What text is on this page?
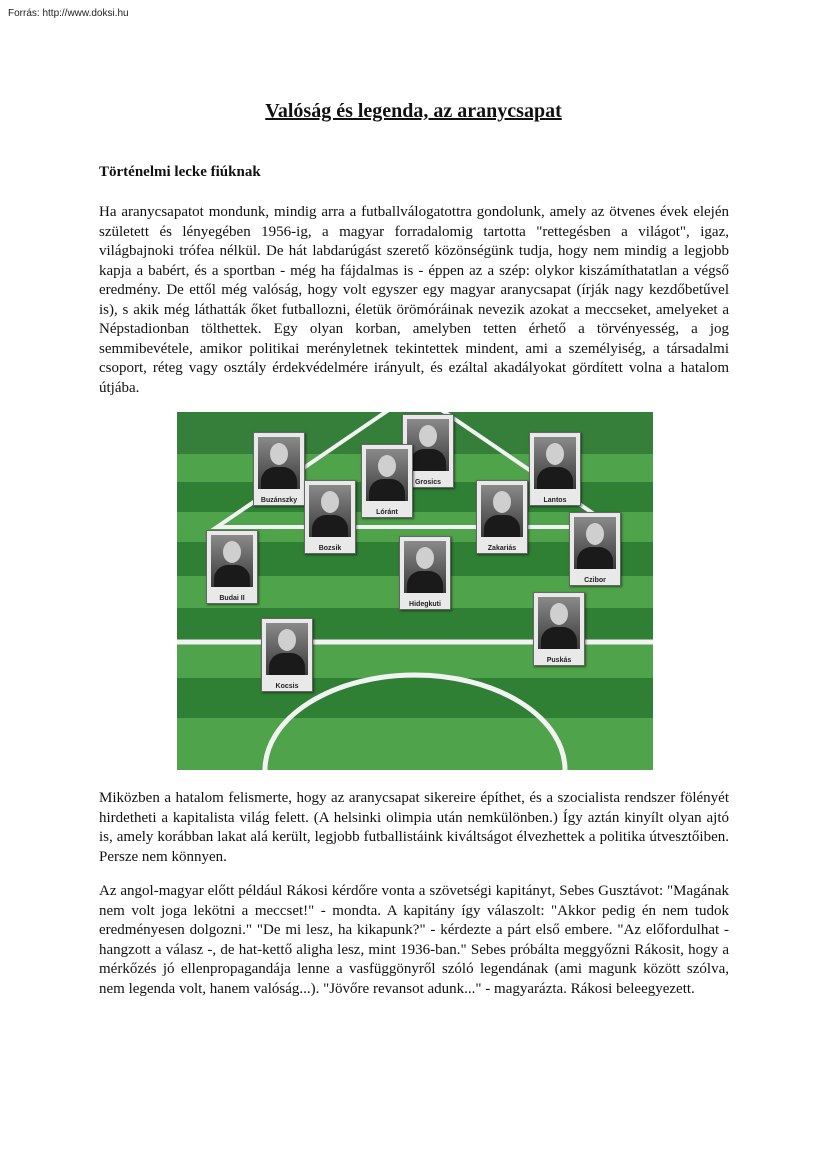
Forrás: http://www.doksi.hu
Valóság és legenda, az aranycsapat
Történelmi lecke fiúknak

Ha aranycsapatot mondunk, mindig arra a futballválogatottra gondolunk, amely az ötvenes évek elején született és lényegében 1956-ig, a magyar forradalomig tartotta "rettegésben a világot", igaz, világbajnoki trófea nélkül. De hát labdarúgást szerető közönségünk tudja, hogy nem mindig a legjobb kapja a babért, és a sportban - még ha fájdalmas is - éppen az a szép: olykor kiszámíthatatlan a végső eredmény. De ettől még valóság, hogy volt egyszer egy magyar aranycsapat (írják nagy kezdőbetűvel is), s akik még láthatták őket futballozni, életük örömóráinak nevezik azokat a meccseket, amelyeket a Népstadionban tölthettek. Egy olyan korban, amelyben tetten érhető a törvényesség, a jog semmibevétele, amikor politikai merényletnek tekintettek mindent, ami a személyiség, a társadalmi csoport, réteg vagy osztály érdekvédelmére irányult, és ezáltal akadályokat gördített volna a hatalom útjába.

Grosics
Buzánszky
Lóránt
Lantos
Bozsik	Zakariás
Budai II
Kocsis
Hidegkuti
Czibor
Puskás

Miközben a hatalom felismerte, hogy az aranycsapat sikereire építhet, és a szocialista rendszer fölényét hirdetheti a kapitalista világ felett. (A helsinki olimpia után nemkülönben.) Így aztán kinyílt olyan ajtó is, amely korábban lakat alá került, legjobb futballistáink kiváltságot élvezhettek a politika útvesztőiben. Persze nem könnyen.

Az angol-magyar előtt például Rákosi kérdőre vonta a szövetségi kapitányt, Sebes Gusztávot: "Magának nem volt joga lekötni a meccset!" - mondta. A kapitány így válaszolt: "Akkor pedig én nem tudok eredményesen dolgozni." "De mi lesz, ha kikapunk?" - kérdezte a párt első embere. "Az előfordulhat - hangzott a válasz -, de hat-kettő aligha lesz, mint 1936-ban." Sebes próbálta meggyőzni Rákosit, hogy a mérkőzés jó ellenpropagandája lenne a vasfüggönyről szóló legendának (ami magunk között szólva, nem legenda volt, hanem valóság...). "Jövőre revansot adunk..." - magyarázta. Rákosi beleegyezett.
